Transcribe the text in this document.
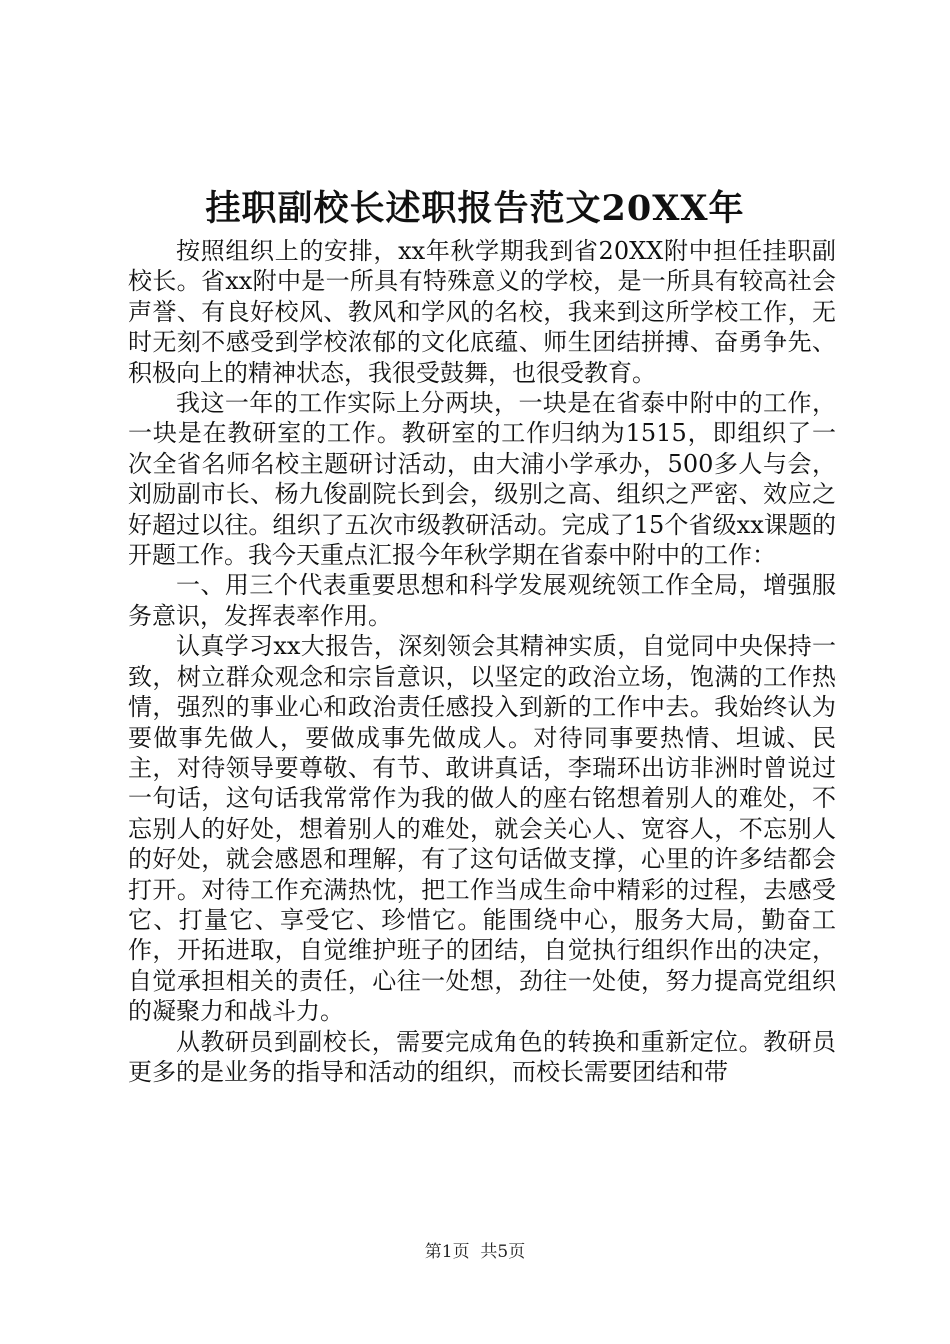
挂职副校长述职报告范文20XX年

按照组织上的安排，xx年秋学期我到省20XX附中担任挂职副校长。省xx附中是一所具有特殊意义的学校，是一所具有较高社会声誉、有良好校风、教风和学风的名校，我来到这所学校工作，无时无刻不感受到学校浓郁的文化底蕴、师生团结拼搏、奋勇争先、积极向上的精神状态，我很受鼓舞，也很受教育。

我这一年的工作实际上分两块，一块是在省泰中附中的工作，一块是在教研室的工作。教研室的工作归纳为1515，即组织了一次全省名师名校主题研讨活动，由大浦小学承办，500多人与会，刘励副市长、杨九俊副院长到会，级别之高、组织之严密、效应之好超过以往。组织了五次市级教研活动。完成了15个省级xx课题的开题工作。我今天重点汇报今年秋学期在省泰中附中的工作：

一、用三个代表重要思想和科学发展观统领工作全局，增强服务意识，发挥表率作用。

认真学习xx大报告，深刻领会其精神实质，自觉同中央保持一致，树立群众观念和宗旨意识，以坚定的政治立场，饱满的工作热情，强烈的事业心和政治责任感投入到新的工作中去。我始终认为要做事先做人，要做成事先做成人。对待同事要热情、坦诚、民主，对待领导要尊敬、有节、敢讲真话，李瑞环出访非洲时曾说过一句话，这句话我常常作为我的做人的座右铭想着别人的难处，不忘别人的好处，想着别人的难处，就会关心人、宽容人，不忘别人的好处，就会感恩和理解，有了这句话做支撑，心里的许多结都会打开。对待工作充满热忱，把工作当成生命中精彩的过程，去感受它、打量它、享受它、珍惜它。能围绕中心，服务大局，勤奋工作，开拓进取，自觉维护班子的团结，自觉执行组织作出的决定，自觉承担相关的责任，心往一处想，劲往一处使，努力提高党组织的凝聚力和战斗力。

从教研员到副校长，需要完成角色的转换和重新定位。教研员更多的是业务的指导和活动的组织，而校长需要团结和带

第1页 共5页
